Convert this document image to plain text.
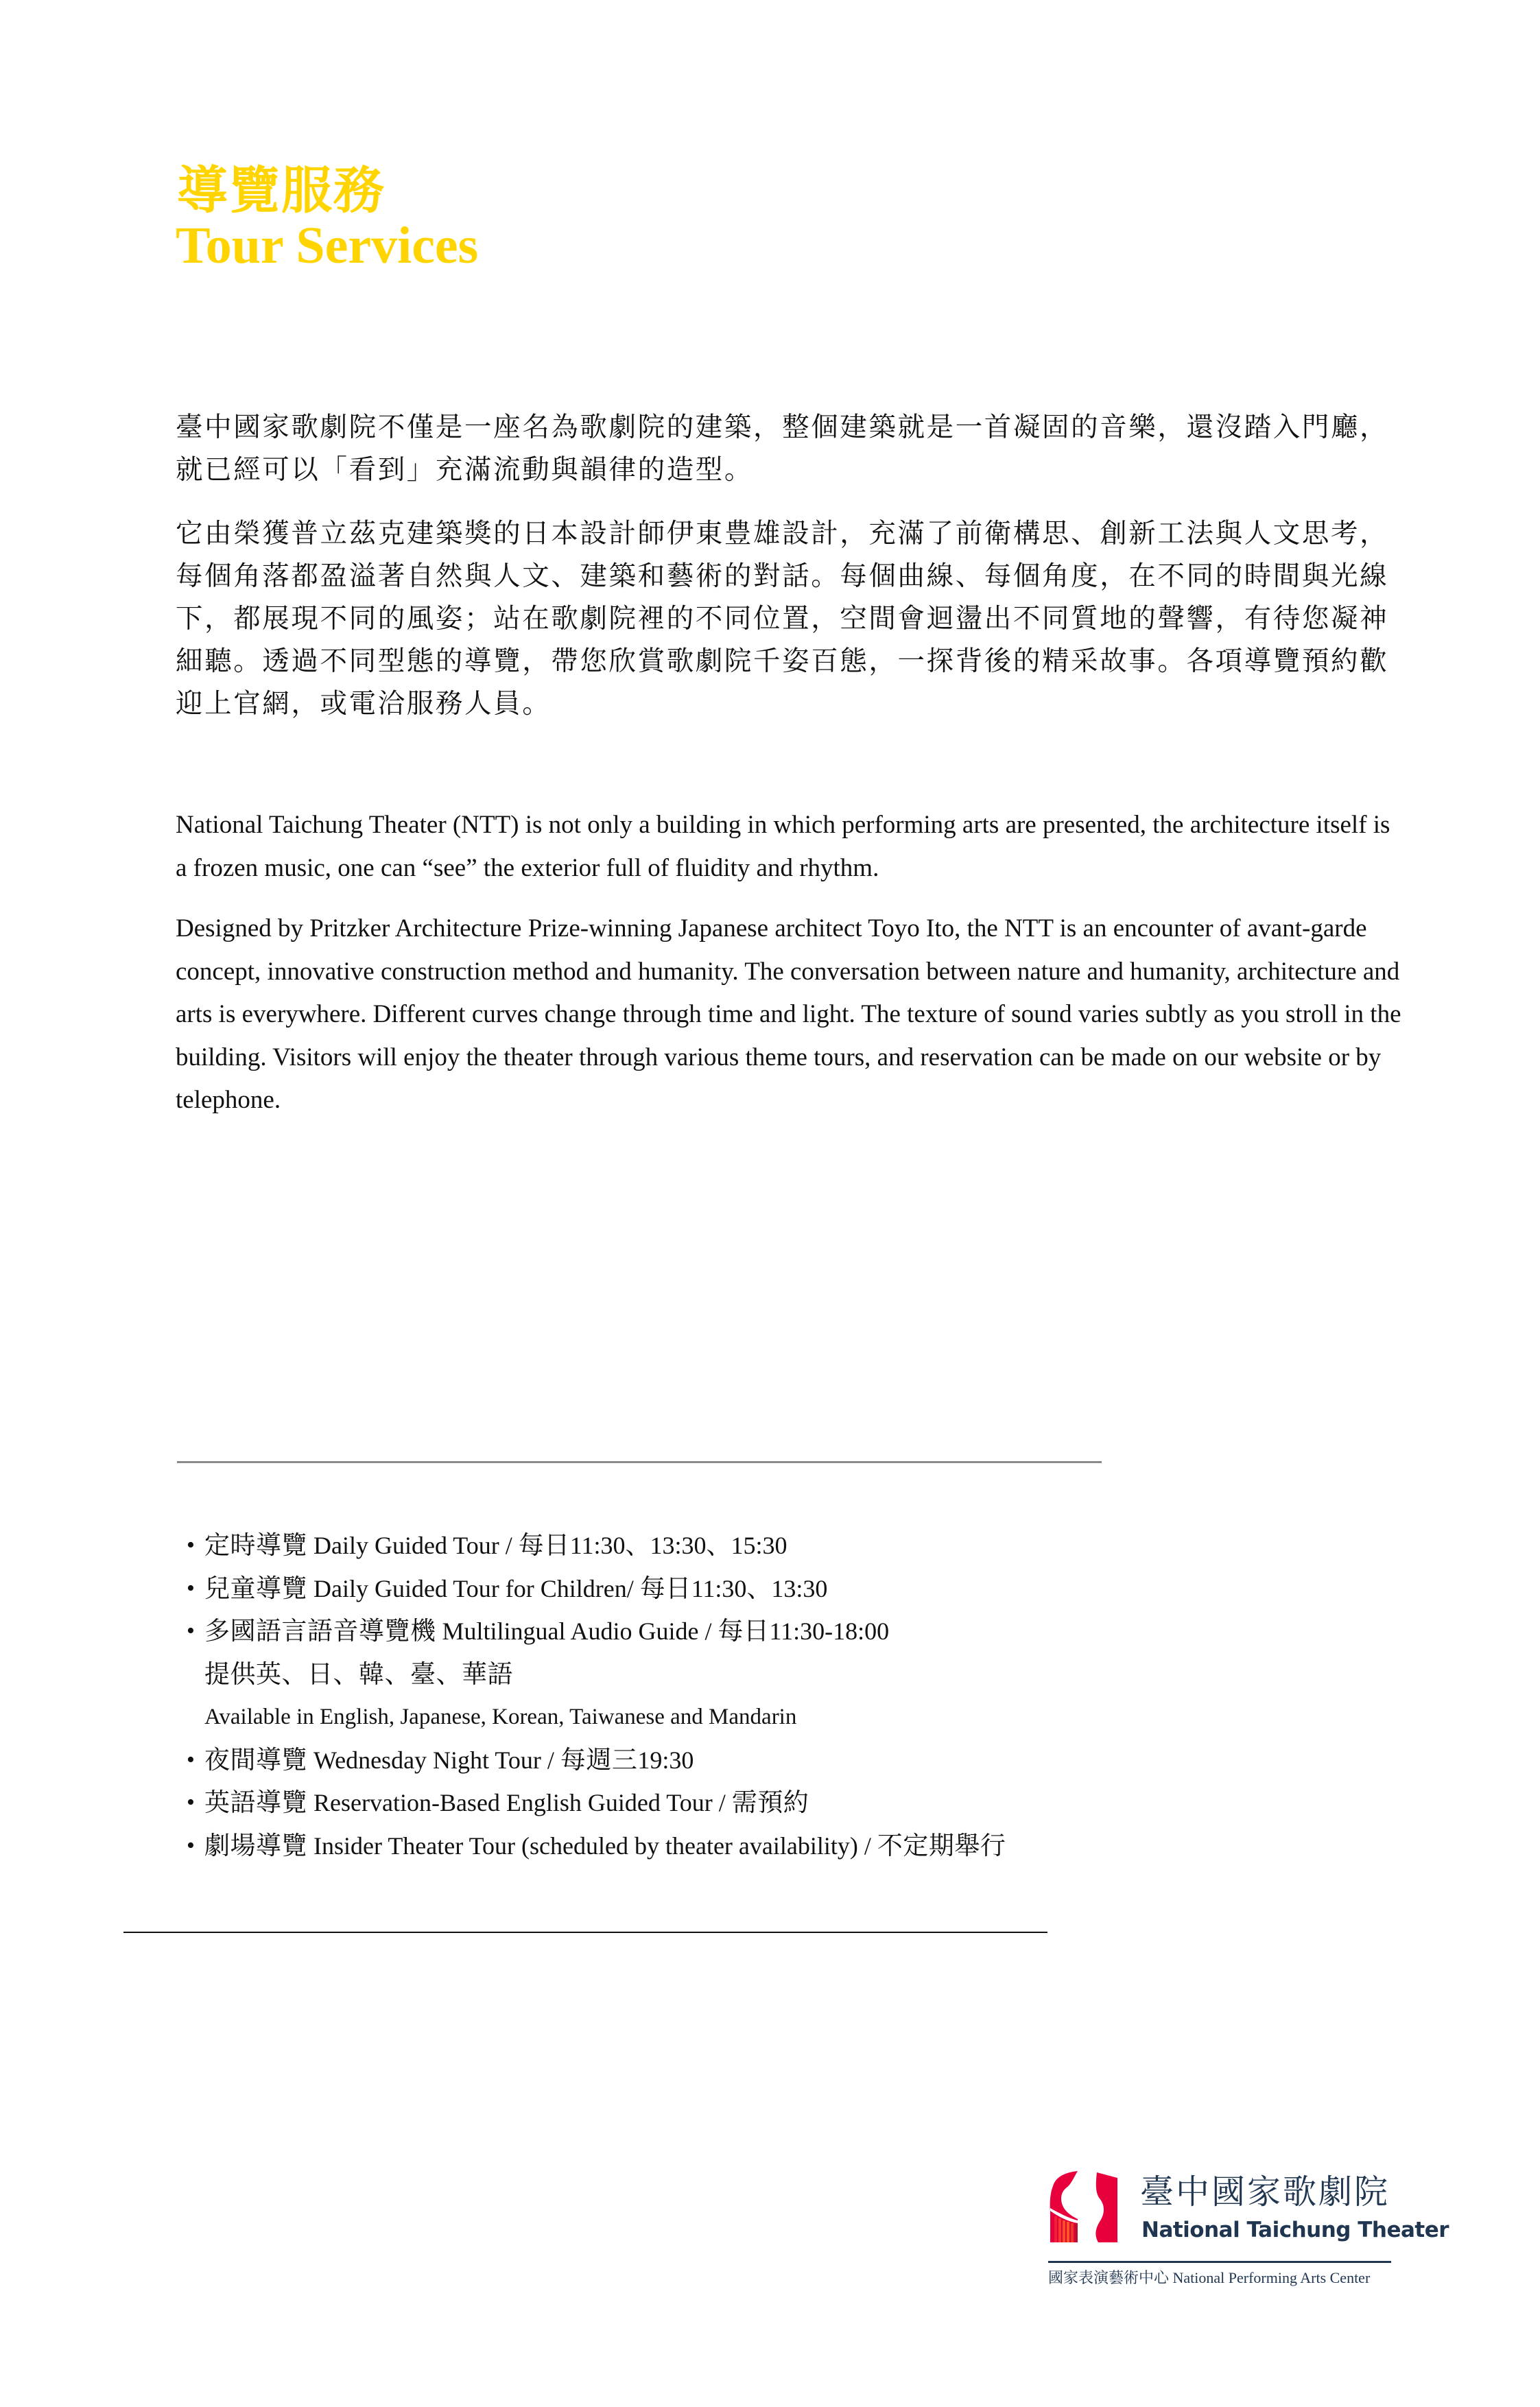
導覽服務
Tour Services

臺中國家歌劇院不僅是一座名為歌劇院的建築，整個建築就是一首凝固的音樂，還沒踏入門廳，就已經可以「看到」充滿流動與韻律的造型。

它由榮獲普立茲克建築獎的日本設計師伊東豊雄設計，充滿了前衛構思、創新工法與人文思考，每個角落都盈溢著自然與人文、建築和藝術的對話。每個曲線、每個角度，在不同的時間與光線下，都展現不同的風姿；站在歌劇院裡的不同位置，空間會迴盪出不同質地的聲響，有待您凝神細聽。透過不同型態的導覽，帶您欣賞歌劇院千姿百態，一探背後的精采故事。各項導覽預約歡迎上官網，或電洽服務人員。

National Taichung Theater (NTT) is not only a building in which performing arts are presented, the architecture itself is a frozen music, one can “see” the exterior full of fluidity and rhythm.

Designed by Pritzker Architecture Prize-winning Japanese architect Toyo Ito, the NTT is an encounter of avant-garde concept, innovative construction method and humanity. The conversation between nature and humanity, architecture and arts is everywhere. Different curves change through time and light. The texture of sound varies subtly as you stroll in the building. Visitors will enjoy the theater through various theme tours, and reservation can be made on our website or by telephone.

• 定時導覽 Daily Guided Tour / 每日11:30、13:30、15:30
• 兒童導覽 Daily Guided Tour for Children/ 每日11:30、13:30
• 多國語言語音導覽機 Multilingual Audio Guide / 每日11:30-18:00
提供英、日、韓、臺、華語
Available in English, Japanese, Korean, Taiwanese and Mandarin
• 夜間導覽 Wednesday Night Tour / 每週三19:30
• 英語導覽 Reservation-Based English Guided Tour / 需預約
• 劇場導覽 Insider Theater Tour (scheduled by theater availability) / 不定期舉行

臺中國家歌劇院

National Taichung Theater

國家表演藝術中心 National Performing Arts Center
